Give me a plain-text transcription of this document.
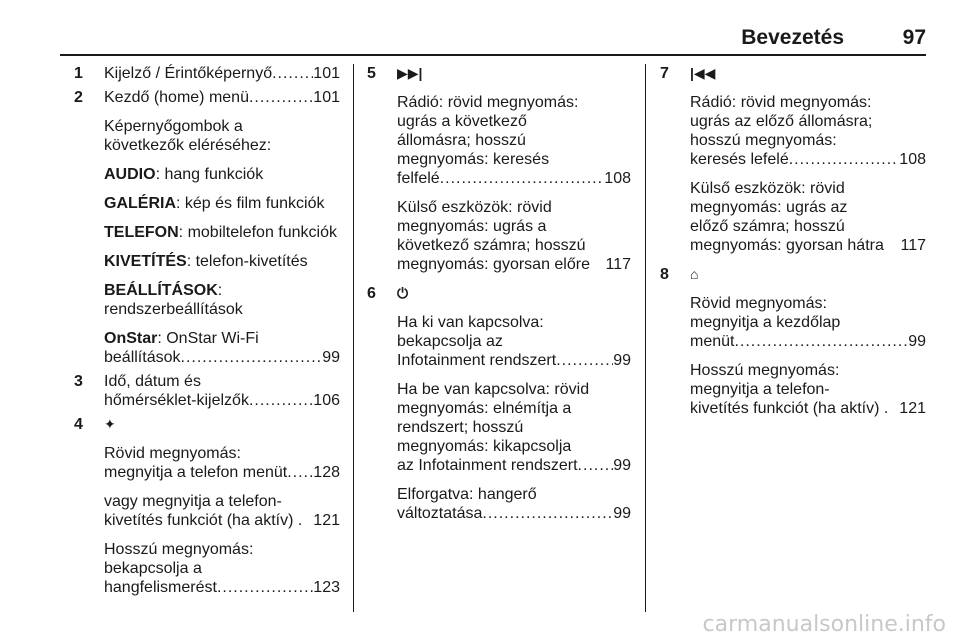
Bevezetés	97
1 Kijelző / Érintőképernyő .....	101
2 Kezdő (home) menü .....	101
Képernyőgombok a
következők eléréséhez:
AUDIO: hang funkciók
GALÉRIA: kép és film funkciók
TELEFON: mobiltelefon funkciók
KIVETÍTÉS: telefon-kivetítés
BEÁLLÍTÁSOK:
rendszerbeállítások
OnStar: OnStar Wi-Fi
beállítások .....	99
3 Idő, dátum és
hőmérséklet-kijelzők .....	106
4 ✦
Rövid megnyomás:
megnyitja a telefon menüt ..... 128
vagy megnyitja a telefon-
kivetítés funkciót (ha aktív) . 121
Hosszú megnyomás:
bekapcsolja a
hangfelismerést .....	123
5 ▶▶|
Rádió: rövid megnyomás:
ugrás a következő
állomásra; hosszú
megnyomás: keresés
felfelé .....	108
Külső eszközök: rövid
megnyomás: ugrás a
következő számra; hosszú
megnyomás: gyorsan előre 117
6 ⏻
Ha ki van kapcsolva:
bekapcsolja az
Infotainment rendszert .....	99
Ha be van kapcsolva: rövid
megnyomás: elnémítja a
rendszert; hosszú
megnyomás: kikapcsolja
az Infotainment rendszert ..... 99
Elforgatva: hangerő
változtatása .....	99
7 |◀◀
Rádió: rövid megnyomás:
ugrás az előző állomásra;
hosszú megnyomás:
keresés lefelé .....	108
Külső eszközök: rövid
megnyomás: ugrás az
előző számra; hosszú
megnyomás: gyorsan hátra 117
8 ⌂
Rövid megnyomás:
megnyitja a kezdőlap
menüt .....	99
Hosszú megnyomás:
megnyitja a telefon-
kivetítés funkciót (ha aktív) . 121
carmanualsonline.info
